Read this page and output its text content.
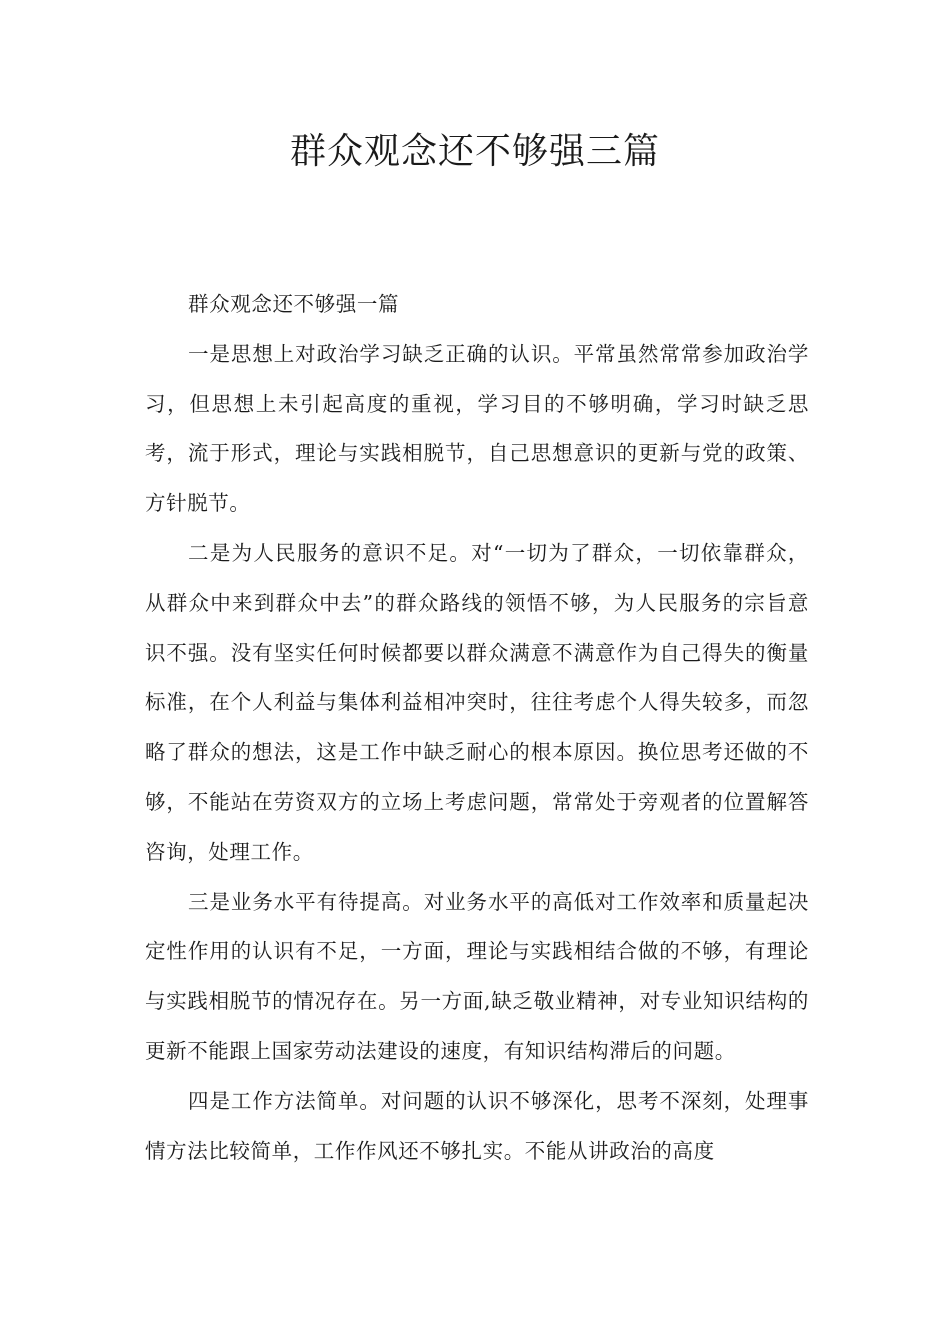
群众观念还不够强三篇

群众观念还不够强一篇

一是思想上对政治学习缺乏正确的认识。平常虽然常常参加政治学习，但思想上未引起高度的重视，学习目的不够明确，学习时缺乏思考，流于形式，理论与实践相脱节，自己思想意识的更新与党的政策、方针脱节。

二是为人民服务的意识不足。对“一切为了群众，一切依靠群众，从群众中来到群众中去”的群众路线的领悟不够，为人民服务的宗旨意识不强。没有坚实任何时候都要以群众满意不满意作为自己得失的衡量标准，在个人利益与集体利益相冲突时，往往考虑个人得失较多，而忽略了群众的想法，这是工作中缺乏耐心的根本原因。换位思考还做的不够，不能站在劳资双方的立场上考虑问题，常常处于旁观者的位置解答咨询，处理工作。

三是业务水平有待提高。对业务水平的高低对工作效率和质量起决定性作用的认识有不足，一方面，理论与实践相结合做的不够，有理论与实践相脱节的情况存在。另一方面,缺乏敬业精神，对专业知识结构的更新不能跟上国家劳动法建设的速度，有知识结构滞后的问题。

四是工作方法简单。对问题的认识不够深化，思考不深刻，处理事情方法比较简单，工作作风还不够扎实。不能从讲政治的高度
